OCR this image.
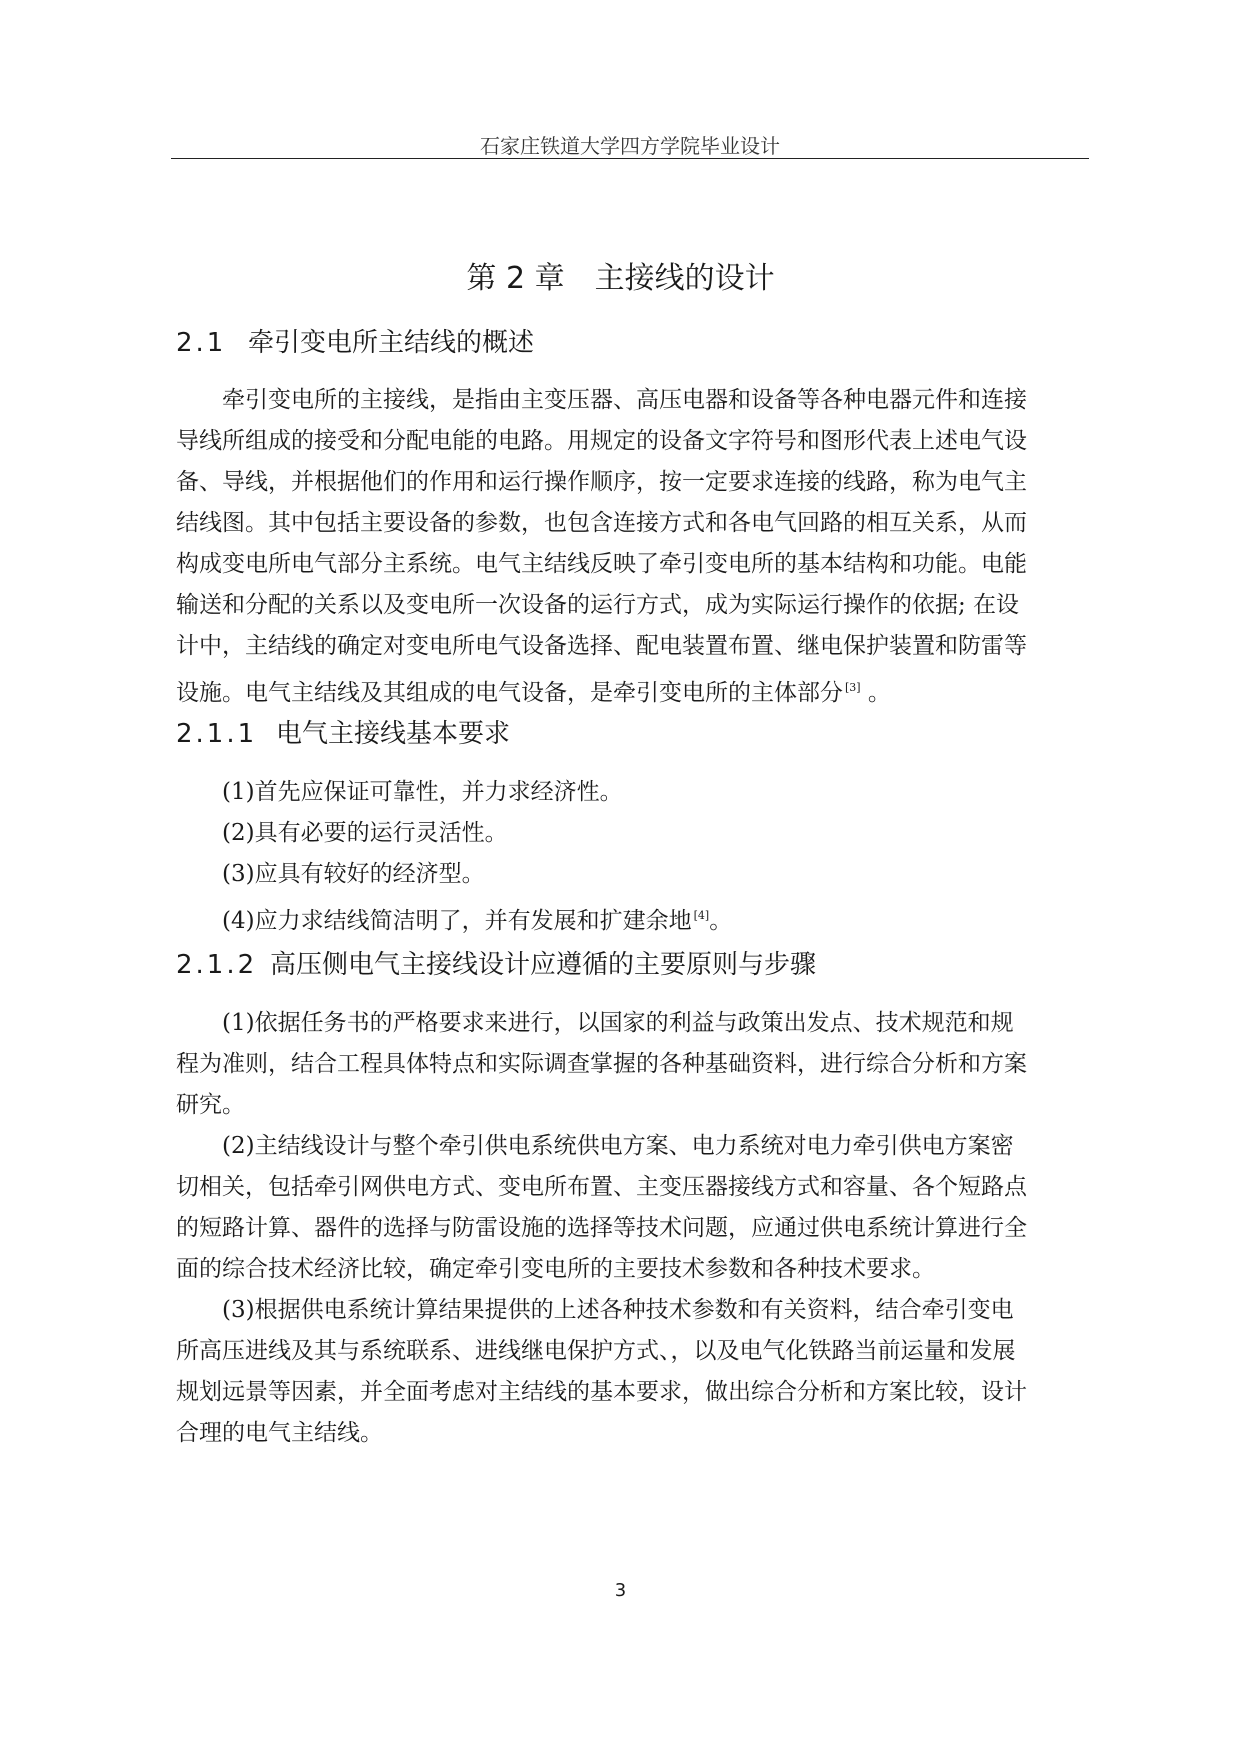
石家庄铁道大学四方学院毕业设计
第 2 章 主接线的设计
2.1 牵引变电所主结线的概述
牵引变电所的主接线，是指由主变压器、高压电器和设备等各种电器元件和连接
导线所组成的接受和分配电能的电路。用规定的设备文字符号和图形代表上述电气设
备、导线，并根据他们的作用和运行操作顺序，按一定要求连接的线路，称为电气主
结线图。其中包括主要设备的参数，也包含连接方式和各电气回路的相互关系，从而
构成变电所电气部分主系统。电气主结线反映了牵引变电所的基本结构和功能。电能
输送和分配的关系以及变电所一次设备的运行方式，成为实际运行操作的依据; 在设
计中，主结线的确定对变电所电气设备选择、配电装置布置、继电保护装置和防雷等
设施。电气主结线及其组成的电气设备，是牵引变电所的主体部分 [3] 。
2.1.1 电气主接线基本要求
(1)首先应保证可靠性，并力求经济性。
(2)具有必要的运行灵活性。
(3)应具有较好的经济型。
(4)应力求结线简洁明了，并有发展和扩建余地 [4]。
2.1.2 高压侧电气主接线设计应遵循的主要原则与步骤
(1)依据任务书的严格要求来进行，以国家的利益与政策出发点、技术规范和规
程为准则，结合工程具体特点和实际调查掌握的各种基础资料，进行综合分析和方案
研究。
(2)主结线设计与整个牵引供电系统供电方案、电力系统对电力牵引供电方案密
切相关，包括牵引网供电方式、变电所布置、主变压器接线方式和容量、各个短路点
的短路计算、器件的选择与防雷设施的选择等技术问题，应通过供电系统计算进行全
面的综合技术经济比较，确定牵引变电所的主要技术参数和各种技术要求。
(3)根据供电系统计算结果提供的上述各种技术参数和有关资料，结合牵引变电
所高压进线及其与系统联系、进线继电保护方式、，以及电气化铁路当前运量和发展
规划远景等因素，并全面考虑对主结线的基本要求，做出综合分析和方案比较，设计
合理的电气主结线。
3
